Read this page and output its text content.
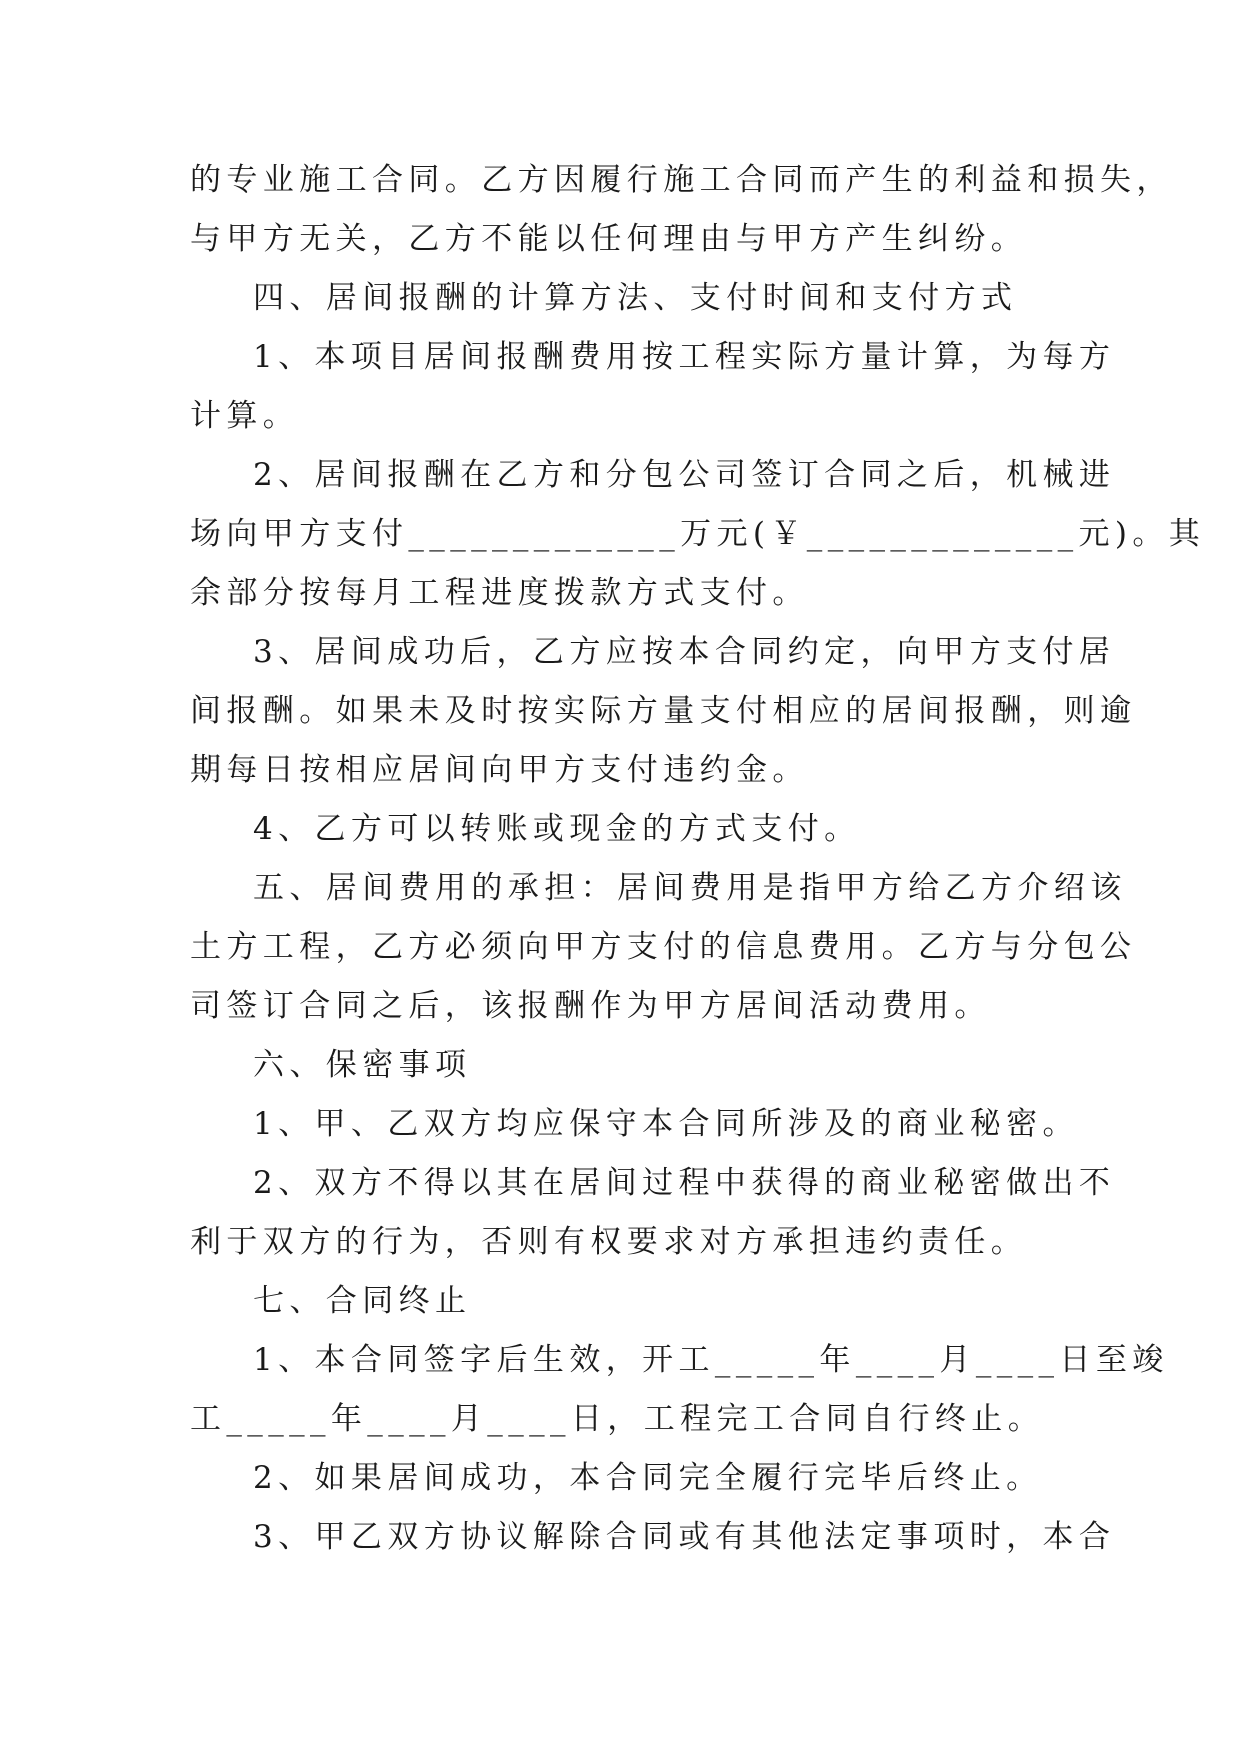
的专业施工合同。乙方因履行施工合同而产生的利益和损失，
与甲方无关，乙方不能以任何理由与甲方产生纠纷。
四、居间报酬的计算方法、支付时间和支付方式
1、本项目居间报酬费用按工程实际方量计算，为每方
计算。
2、居间报酬在乙方和分包公司签订合同之后，机械进
场向甲方支付_____________万元(￥_____________元)。其
余部分按每月工程进度拨款方式支付。
3、居间成功后，乙方应按本合同约定，向甲方支付居
间报酬。如果未及时按实际方量支付相应的居间报酬，则逾
期每日按相应居间向甲方支付违约金。
4、乙方可以转账或现金的方式支付。
五、居间费用的承担：居间费用是指甲方给乙方介绍该
土方工程，乙方必须向甲方支付的信息费用。乙方与分包公
司签订合同之后，该报酬作为甲方居间活动费用。
六、保密事项
1、甲、乙双方均应保守本合同所涉及的商业秘密。
2、双方不得以其在居间过程中获得的商业秘密做出不
利于双方的行为，否则有权要求对方承担违约责任。
七、合同终止
1、本合同签字后生效，开工_____年____月____日至竣
工_____年____月____日，工程完工合同自行终止。
2、如果居间成功，本合同完全履行完毕后终止。
3、甲乙双方协议解除合同或有其他法定事项时，本合
